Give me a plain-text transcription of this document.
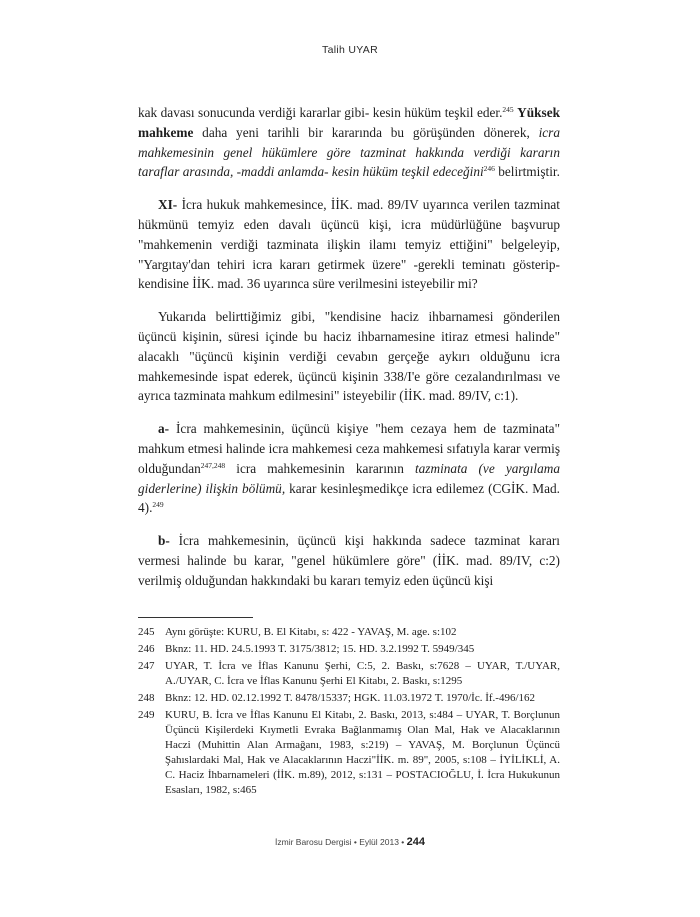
Talih UYAR

kak davası sonucunda verdiği kararlar gibi- kesin hüküm teşkil eder.$^{245}$ Yüksek mahkeme daha yeni tarihli bir kararında bu görüşünden dönerek, icra mahkemesinin genel hükümlere göre tazminat hakkında verdiği kararın taraflar arasında, -maddi anlamda- kesin hüküm teşkil edeceğini$^{246}$ belirtmiştir.

XI- İcra hukuk mahkemesince, İİK. mad. 89/IV uyarınca verilen tazminat hükmünü temyiz eden davalı üçüncü kişi, icra müdürlüğüne başvurup "mahkemenin verdiği tazminata ilişkin ilamı temyiz ettiğini" belgeleyip, "Yargıtay'dan tehiri icra kararı getirmek üzere" -gerekli teminatı gösterip- kendisine İİK. mad. 36 uyarınca süre verilmesini isteyebilir mi?

Yukarıda belirttiğimiz gibi, "kendisine haciz ihbarnamesi gönderilen üçüncü kişinin, süresi içinde bu haciz ihbarnamesine itiraz etmesi halinde" alacaklı "üçüncü kişinin verdiği cevabın gerçeğe aykırı olduğunu icra mahkemesinde ispat ederek, üçüncü kişinin 338/I'e göre cezalandırılması ve ayrıca tazminata mahkum edilmesini" isteyebilir (İİK. mad. 89/IV, c:1).

a- İcra mahkemesinin, üçüncü kişiye "hem cezaya hem de tazminata" mahkum etmesi halinde icra mahkemesi ceza mahkemesi sıfatıyla karar vermiş olduğundan$^{247,248}$ icra mahkemesinin kararının tazminata (ve yargılama giderlerine) ilişkin bölümü, karar kesinleşmedikçe icra edilemez (CGİK. Mad. 4).$^{249}$

b- İcra mahkemesinin, üçüncü kişi hakkında sadece tazminat kararı vermesi halinde bu karar, "genel hükümlere göre" (İİK. mad. 89/IV, c:2) verilmiş olduğundan hakkındaki bu kararı temyiz eden üçüncü kişi

245 Aynı görüşte: KURU, B. El Kitabı, s: 422 - YAVAŞ, M. age. s:102
246 Bknz: 11. HD. 24.5.1993 T. 3175/3812; 15. HD. 3.2.1992 T. 5949/345
247 UYAR, T. İcra ve İflas Kanunu Şerhi, C:5, 2. Baskı, s:7628 – UYAR, T./UYAR, A./UYAR, C. İcra ve İflas Kanunu Şerhi El Kitabı, 2. Baskı, s:1295
248 Bknz: 12. HD. 02.12.1992 T. 8478/15337; HGK. 11.03.1972 T. 1970/İc. İf.-496/162
249 KURU, B. İcra ve İflas Kanunu El Kitabı, 2. Baskı, 2013, s:484 – UYAR, T. Borçlunun Üçüncü Kişilerdeki Kıymetli Evraka Bağlanmamış Olan Mal, Hak ve Alacaklarının Haczi (Muhittin Alan Armağanı, 1983, s:219) – YAVAŞ, M. Borçlunun Üçüncü Şahıslardaki Mal, Hak ve Alacaklarının Haczi"İİK. m. 89", 2005, s:108 – İYİLİKLİ, A. C. Haciz İhbarnameleri (İİK. m.89), 2012, s:131 – POSTACIOĞLU, İ. İcra Hukukunun Esasları, 1982, s:465
İzmir Barosu Dergisi • Eylül 2013 • 244
